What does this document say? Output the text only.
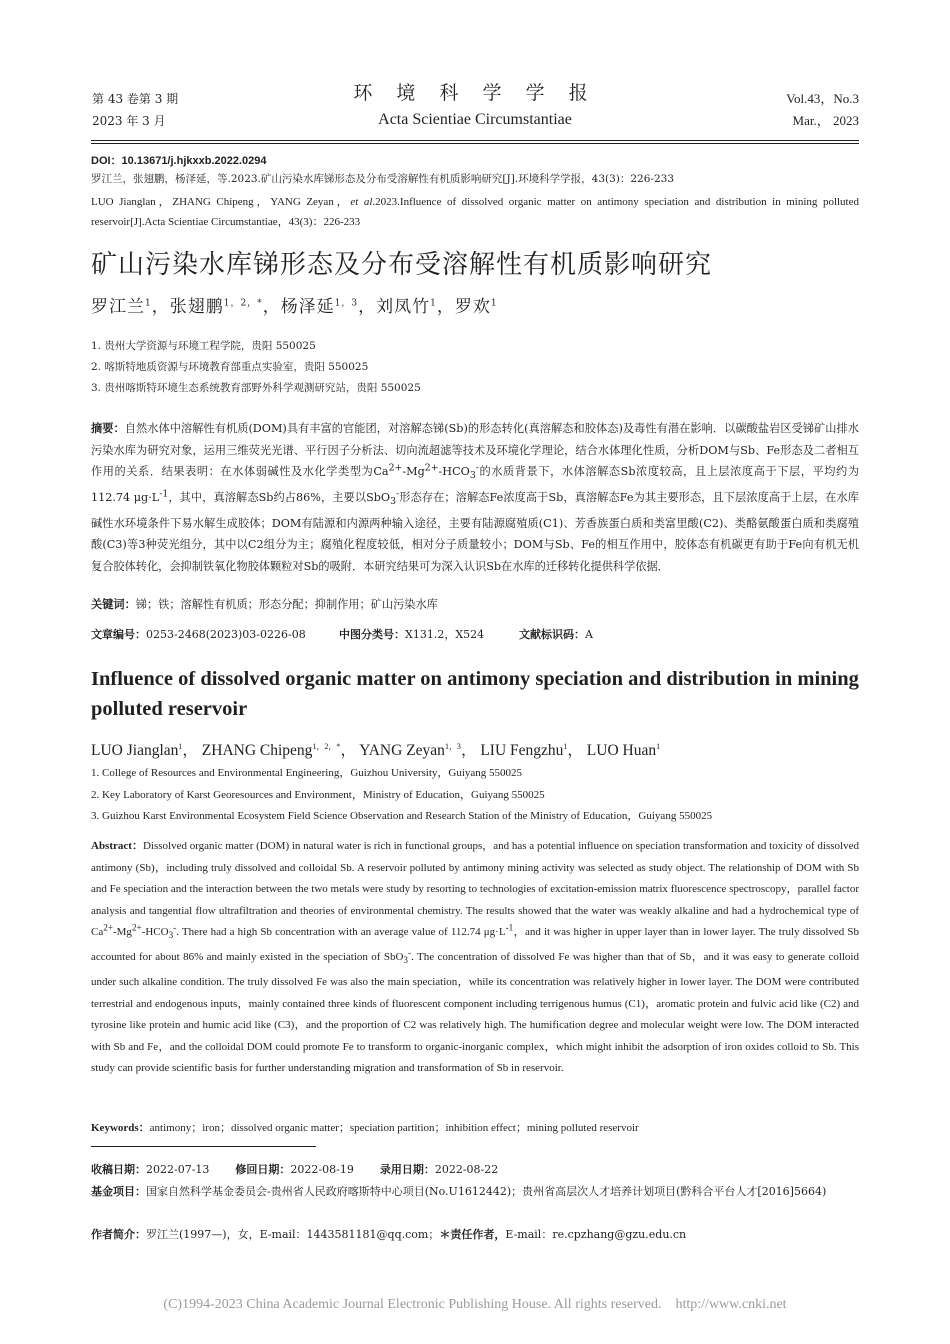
第 43 卷第 3 期
2023 年 3 月
环 境 科 学 学 报
Acta Scientiae Circumstantiae
Vol.43，No.3
Mar.， 2023
DOI：10.13671/j.hjkxxb.2022.0294
罗江兰，张翅鹏，杨泽延，等.2023.矿山污染水库锑形态及分布受溶解性有机质影响研究[J].环境科学学报，43(3)：226-233
LUO Jianglan，ZHANG Chipeng，YANG Zeyan，et al.2023.Influence of dissolved organic matter on antimony speciation and distribution in mining polluted reservoir[J].Acta Scientiae Circumstantiae，43(3)：226-233
矿山污染水库锑形态及分布受溶解性有机质影响研究
罗江兰$^1$，张翅鹏$^{1,2,*}$，杨泽延$^{1,3}$，刘凤竹$^1$，罗欢$^1$
1. 贵州大学资源与环境工程学院，贵阳 550025
2. 喀斯特地质资源与环境教育部重点实验室，贵阳 550025
3. 贵州喀斯特环境生态系统教育部野外科学观测研究站，贵阳 550025
摘要：自然水体中溶解性有机质(DOM)具有丰富的官能团，对溶解态锑(Sb)的形态转化(真溶解态和胶体态)及毒性有潜在影响．以碳酸盐岩区受锑矿山排水污染水库为研究对象，运用三维荧光光谱、平行因子分析法、切向流超滤等技术及环境化学理论，结合水体理化性质，分析DOM与Sb、Fe形态及二者相互作用的关系．结果表明：在水体弱碱性及水化学类型为$Ca^{2+}-Mg^{2+}-HCO_3^-$的水质背景下，水体溶解态Sb浓度较高，且上层浓度高于下层，平均约为112.74 $\mu g\cdot L^{-1}$，其中，真溶解态Sb约占86%，主要以SbO$_3$-形态存在；溶解态Fe浓度高于Sb，真溶解态Fe为其主要形态，且下层浓度高于上层，在水库碱性水环境条件下易水解生成胶体；DOM有陆源和内源两种输入途径，主要有陆源腐殖质(C1)、芳香族蛋白质和类富里酸(C2)、类酪氨酸蛋白质和类腐殖酸(C3)等3种荧光组分，其中以C2组分为主；腐殖化程度较低，相对分子质量较小；DOM与Sb、Fe的相互作用中，胶体态有机碳更有助于Fe向有机无机复合胶体转化，会抑制铁氧化物胶体颗粒对Sb的吸附．本研究结果可为深入认识Sb在水库的迁移转化提供科学依据．
关键词：锑；铁；溶解性有机质；形态分配；抑制作用；矿山污染水库
文章编号：0253-2468(2023)03-0226-08	中图分类号：X131.2，X524	文献标识码：A
Influence of dissolved organic matter on antimony speciation and distribution in mining polluted reservoir
LUO Jianglan$^1$， ZHANG Chipeng$^{1,2,*}$， YANG Zeyan$^{1,3}$， LIU Fengzhu$^1$， LUO Huan$^1$
1. College of Resources and Environmental Engineering，Guizhou University，Guiyang 550025
2. Key Laboratory of Karst Georesources and Environment，Ministry of Education，Guiyang 550025
3. Guizhou Karst Environmental Ecosystem Field Science Observation and Research Station of the Ministry of Education，Guiyang 550025
Abstract：Dissolved organic matter (DOM) in natural water is rich in functional groups，and has a potential influence on speciation transformation and toxicity of dissolved antimony (Sb)，including truly dissolved and colloidal Sb. A reservoir polluted by antimony mining activity was selected as study object. The relationship of DOM with Sb and Fe speciation and the interaction between the two metals were study by resorting to technologies of excitation-emission matrix fluorescence spectroscopy，parallel factor analysis and tangential flow ultrafiltration and theories of environmental chemistry. The results showed that the water was weakly alkaline and had a hydrochemical type of $Ca^{2+}-Mg^{2+}-HCO_3^-$. There had a high Sb concentration with an average value of 112.74 $\mu g\cdot L^{-1}$，and it was higher in upper layer than in lower layer. The truly dissolved Sb accounted for about 86% and mainly existed in the speciation of SbO$_3$-. The concentration of dissolved Fe was higher than that of Sb，and it was easy to generate colloid under such alkaline condition. The truly dissolved Fe was also the main speciation，while its concentration was relatively higher in lower layer. The DOM were contributed terrestrial and endogenous inputs，mainly contained three kinds of fluorescent component including terrigenous humus (C1)，aromatic protein and fulvic acid like (C2) and tyrosine like protein and humic acid like (C3)，and the proportion of C2 was relatively high. The humification degree and molecular weight were low. The DOM interacted with Sb and Fe，and the colloidal DOM could promote Fe to transform to organic-inorganic complex，which might inhibit the adsorption of iron oxides colloid to Sb. This study can provide scientific basis for further understanding migration and transformation of Sb in reservoir.
Keywords：antimony；iron；dissolved organic matter；speciation partition；inhibition effect；mining polluted reservoir
收稿日期：2022-07-13 修回日期：2022-08-19 录用日期：2022-08-22
基金项目：国家自然科学基金委员会-贵州省人民政府喀斯特中心项目(No.U1612442)；贵州省高层次人才培养计划项目(黔科合平台人才[2016]5664)
作者简介：罗江兰(1997—)，女，E-mail：1443581181@qq.com；＊责任作者，E-mail：re.cpzhang@gzu.edu.cn
(C)1994-2023 China Academic Journal Electronic Publishing House. All rights reserved.    http://www.cnki.net
